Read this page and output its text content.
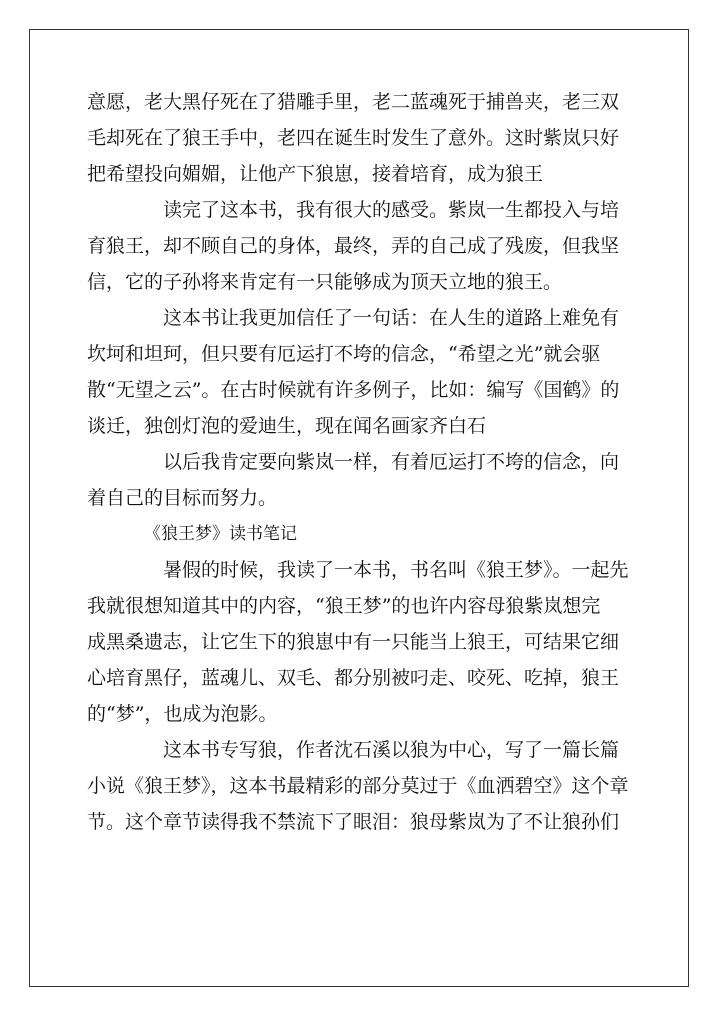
意愿，老大黑仔死在了猎雕手里，老二蓝魂死于捕兽夹，老三双

毛却死在了狼王手中，老四在诞生时发生了意外。这时紫岚只好

把希望投向媚媚，让他产下狼崽，接着培育，成为狼王

读完了这本书，我有很大的感受。紫岚一生都投入与培

育狼王，却不顾自己的身体，最终，弄的自己成了残废，但我坚

信，它的子孙将来肯定有一只能够成为顶天立地的狼王。

这本书让我更加信任了一句话：在人生的道路上难免有

坎坷和坦珂，但只要有厄运打不垮的信念，“希望之光”就会驱

散“无望之云”。在古时候就有许多例子，比如：编写《国鹤》的

谈迁，独创灯泡的爱迪生，现在闻名画家齐白石

以后我肯定要向紫岚一样，有着厄运打不垮的信念，向

着自己的目标而努力。

《狼王梦》读书笔记

暑假的时候，我读了一本书，书名叫《狼王梦》。一起先

我就很想知道其中的内容，“狼王梦”的也许内容母狼紫岚想完

成黑桑遗志，让它生下的狼崽中有一只能当上狼王，可结果它细

心培育黑仔，蓝魂儿、双毛、都分别被叼走、咬死、吃掉，狼王

的“梦”，也成为泡影。

这本书专写狼，作者沈石溪以狼为中心，写了一篇长篇

小说《狼王梦》，这本书最精彩的部分莫过于《血洒碧空》这个章

节。这个章节读得我不禁流下了眼泪：狼母紫岚为了不让狼孙们
